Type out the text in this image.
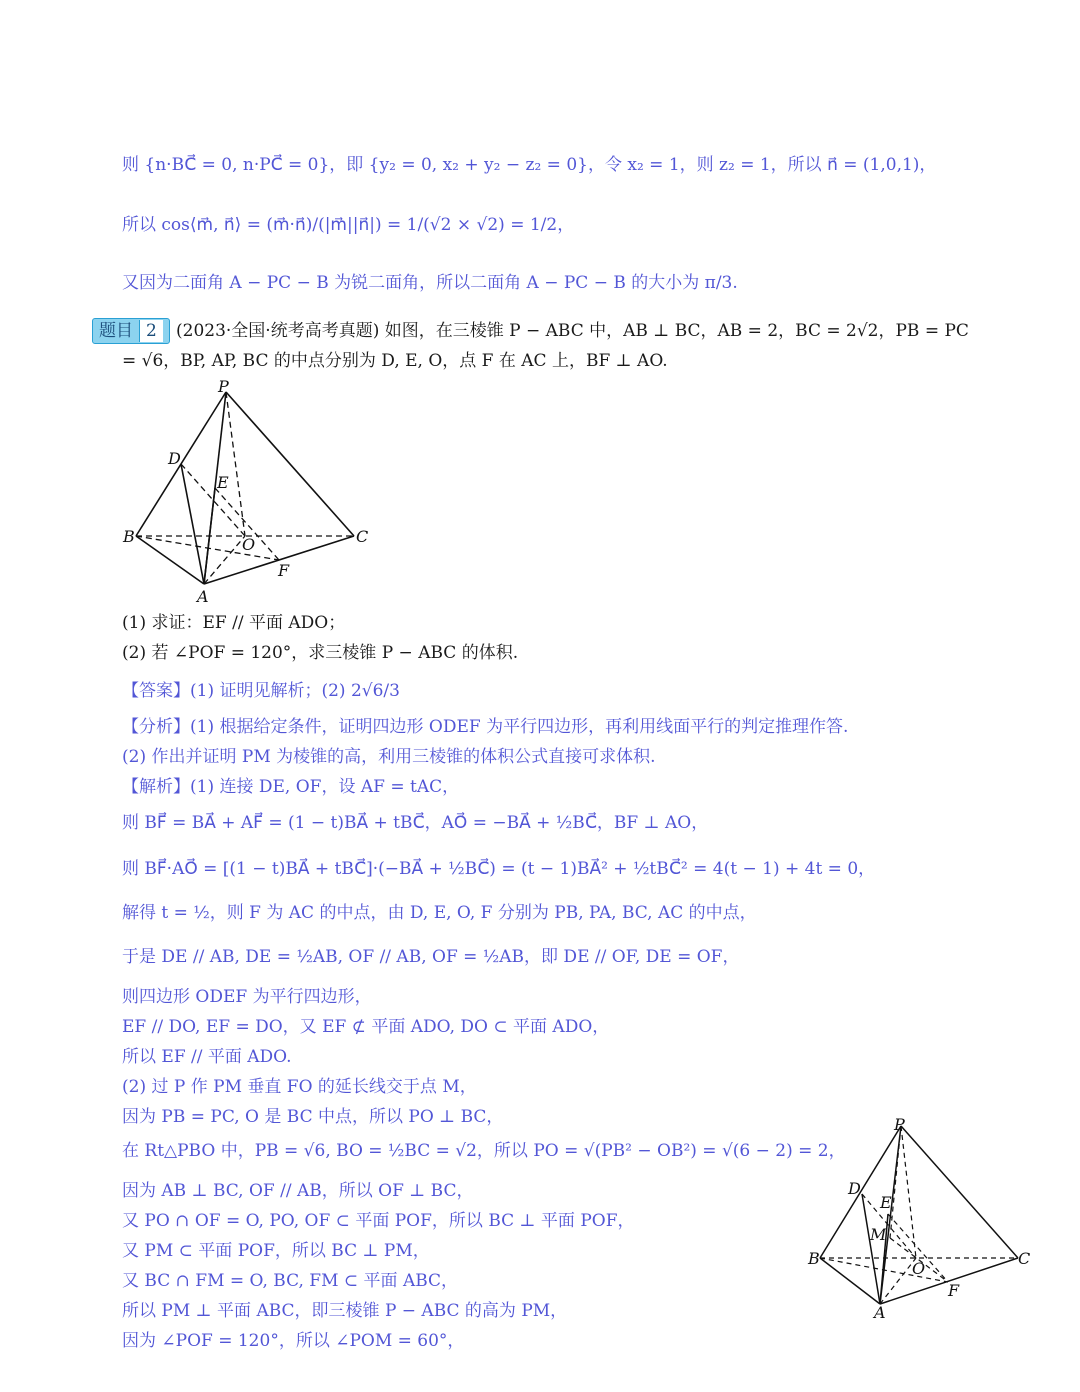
则 {n·BC⃗ = 0, n·PC⃗ = 0}，即 {y₂ = 0, x₂ + y₂ − z₂ = 0}，令 x₂ = 1，则 z₂ = 1，所以 n⃗ = (1,0,1)，
所以 cos⟨m⃗, n⃗⟩ = (m⃗·n⃗)/(|m⃗||n⃗|) = 1/(√2 × √2) = 1/2，
又因为二面角 A − PC − B 为锐二面角，所以二面角 A − PC − B 的大小为 π/3.
题目 2	(2023·全国·统考高考真题) 如图，在三棱锥 P − ABC 中，AB ⊥ BC，AB = 2，BC = 2√2，PB = PC
= √6，BP, AP, BC 的中点分别为 D, E, O，点 F 在 AC 上，BF ⊥ AO.
P
D
E
B	O	C
F
A
(1) 求证：EF // 平面 ADO；
(2) 若 ∠POF = 120°，求三棱锥 P − ABC 的体积.
【答案】(1) 证明见解析；(2) 2√6/3
【分析】(1) 根据给定条件，证明四边形 ODEF 为平行四边形，再利用线面平行的判定推理作答.
(2) 作出并证明 PM 为棱锥的高，利用三棱锥的体积公式直接可求体积.
【解析】(1) 连接 DE, OF，设 AF = tAC，
则 BF⃗ = BA⃗ + AF⃗ = (1 − t)BA⃗ + tBC⃗，AO⃗ = −BA⃗ + ½BC⃗，BF ⊥ AO，
则 BF⃗·AO⃗ = [(1 − t)BA⃗ + tBC⃗]·(−BA⃗ + ½BC⃗) = (t − 1)BA⃗² + ½tBC⃗² = 4(t − 1) + 4t = 0，
解得 t = ½，则 F 为 AC 的中点，由 D, E, O, F 分别为 PB, PA, BC, AC 的中点，
于是 DE // AB, DE = ½AB, OF // AB, OF = ½AB，即 DE // OF, DE = OF，
则四边形 ODEF 为平行四边形，
EF // DO, EF = DO，又 EF ⊄ 平面 ADO, DO ⊂ 平面 ADO，
所以 EF // 平面 ADO.
(2) 过 P 作 PM 垂直 FO 的延长线交于点 M，
因为 PB = PC, O 是 BC 中点，所以 PO ⊥ BC，
在 Rt△PBO 中，PB = √6, BO = ½BC = √2，所以 PO = √(PB² − OB²) = √(6 − 2) = 2，
因为 AB ⊥ BC, OF // AB，所以 OF ⊥ BC，
又 PO ∩ OF = O, PO, OF ⊂ 平面 POF，所以 BC ⊥ 平面 POF，
又 PM ⊂ 平面 POF，所以 BC ⊥ PM，
又 BC ∩ FM = O, BC, FM ⊂ 平面 ABC，
所以 PM ⊥ 平面 ABC，即三棱锥 P − ABC 的高为 PM，
因为 ∠POF = 120°，所以 ∠POM = 60°，
P
D
E
M
B
O
C
F
A
